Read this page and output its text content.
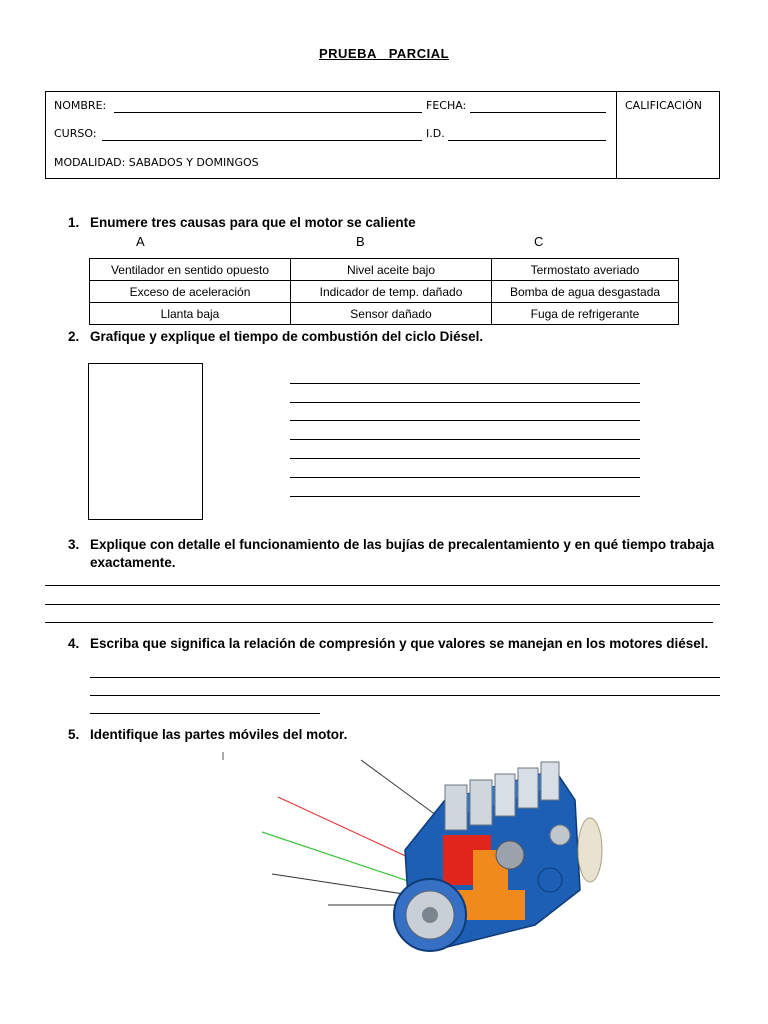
PRUEBA   PARCIAL
NOMBRE:	FECHA:
CURSO:	I.D.
MODALIDAD: SABADOS Y DOMINGOS
CALIFICACIÓN
1. Enumere tres causas para que el motor se caliente
A	B	C
Ventilador en sentido opuesto	Nivel aceite bajo	Termostato averiado
Exceso de aceleración	Indicador de temp. dañado	Bomba de agua desgastada
Llanta baja	Sensor dañado	Fuga de refrigerante
2. Grafique y explique el tiempo de combustión del ciclo Diésel.
3. Explique con detalle el funcionamiento de las bujías de precalentamiento y en qué tiempo trabaja
exactamente.
4. Escriba que significa la relación de compresión y que valores se manejan en los motores diésel.
5. Identifique las partes móviles del motor.
